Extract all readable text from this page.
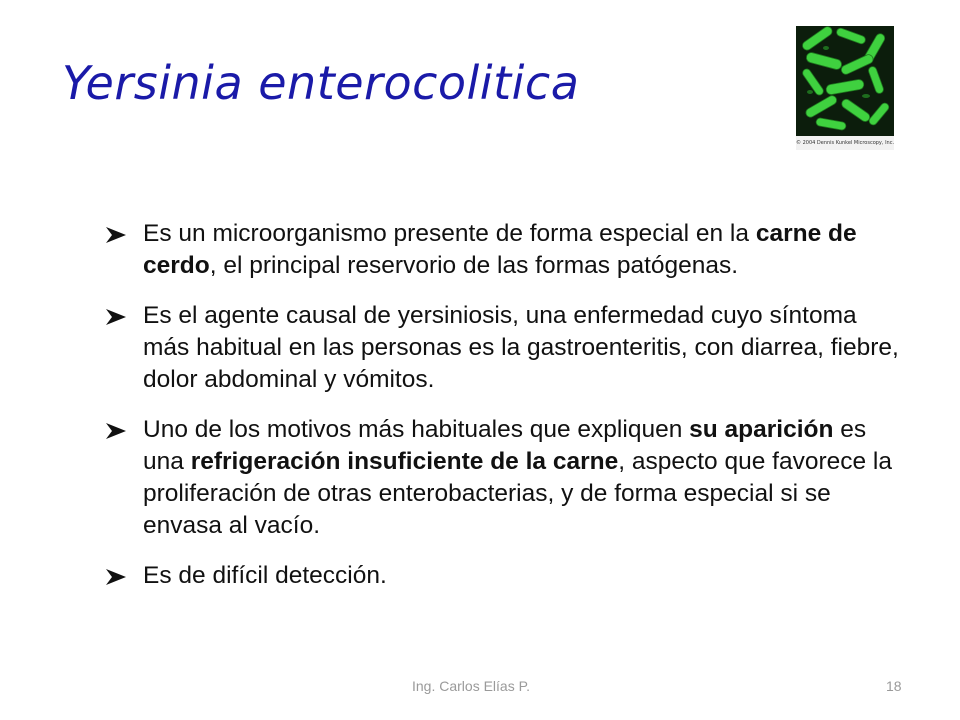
Yersinia enterocolitica
© 2004 Dennis Kunkel Microscopy, Inc.
Es un microorganismo presente de forma especial en la carne de cerdo, el principal reservorio de las formas patógenas.
Es el agente causal de yersiniosis, una enfermedad cuyo síntoma más habitual en las personas es la gastroenteritis, con diarrea, fiebre, dolor abdominal y vómitos.
Uno de los motivos más habituales que expliquen su aparición es una refrigeración insuficiente de la carne, aspecto que favorece la proliferación de otras enterobacterias, y de forma especial si se envasa al vacío.
Es de difícil detección.
Ing. Carlos Elías P.	18
